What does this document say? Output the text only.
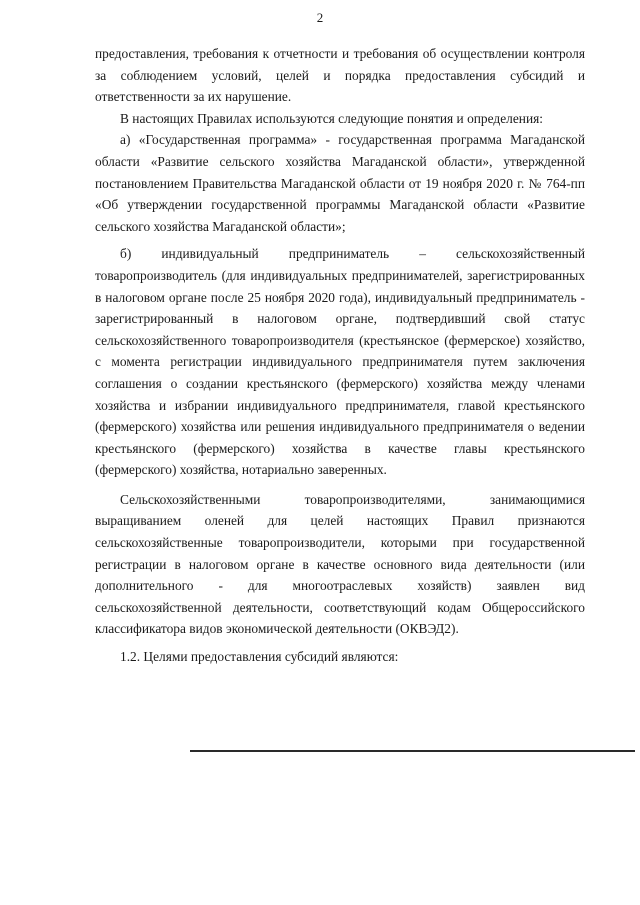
2

предоставления, требования к отчетности и требования об осуществлении контроля за соблюдением условий, целей и порядка предоставления субсидий и ответственности за их нарушение.

В настоящих Правилах используются следующие понятия и определения:

а) «Государственная программа» - государственная программа Магаданской области «Развитие сельского хозяйства Магаданской области», утвержденной постановлением Правительства Магаданской области от 19 ноября 2020 г. № 764-пп «Об утверждении государственной программы Магаданской области «Развитие сельского хозяйства Магаданской области»;

б) индивидуальный предприниматель – сельскохозяйственный товаропроизводитель (для индивидуальных предпринимателей, зарегистрированных в налоговом органе после 25 ноября 2020 года), индивидуальный предприниматель - зарегистрированный в налоговом органе, подтвердивший свой статус сельскохозяйственного товаропроизводителя (крестьянское (фермерское) хозяйство, с момента регистрации индивидуального предпринимателя путем заключения соглашения о создании крестьянского (фермерского) хозяйства между членами хозяйства и избрании индивидуального предпринимателя, главой крестьянского (фермерского) хозяйства или решения индивидуального предпринимателя о ведении крестьянского (фермерского) хозяйства в качестве главы крестьянского (фермерского) хозяйства, нотариально заверенных.

Сельскохозяйственными товаропроизводителями, занимающимися выращиванием оленей для целей настоящих Правил признаются сельскохозяйственные товаропроизводители, которыми при государственной регистрации в налоговом органе в качестве основного вида деятельности (или дополнительного - для многоотраслевых хозяйств) заявлен вид сельскохозяйственной деятельности, соответствующий кодам Общероссийского классификатора видов экономической деятельности (ОКВЭД2).

1.2. Целями предоставления субсидий являются:
